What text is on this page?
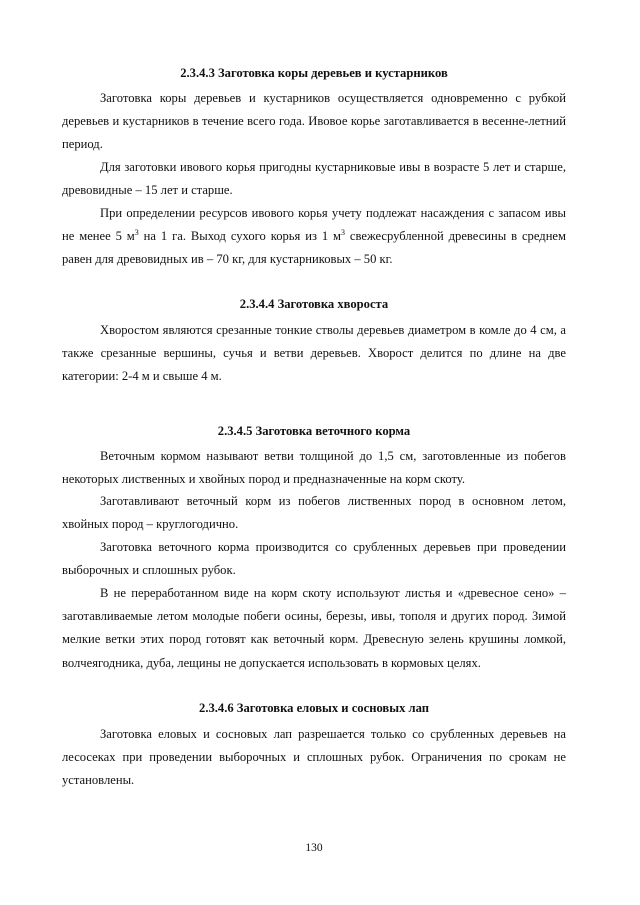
2.3.4.3 Заготовка коры деревьев и кустарников

Заготовка коры деревьев и кустарников осуществляется одновременно с рубкой деревьев и кустарников в течение всего года. Ивовое корье заготавливается в весенне-летний период.

Для заготовки ивового корья пригодны кустарниковые ивы в возрасте 5 лет и старше, древовидные – 15 лет и старше.

При определении ресурсов ивового корья учету подлежат насаждения с запасом ивы не менее 5 $м^3$ на 1 га. Выход сухого корья из 1 $м^3$ свежесрубленной древесины в среднем равен для древовидных ив – 70 кг, для кустарниковых – 50 кг.

2.3.4.4 Заготовка хвороста

Хворостом являются срезанные тонкие стволы деревьев диаметром в комле до 4 см, а также срезанные вершины, сучья и ветви деревьев. Хворост делится по длине на две категории: 2-4 м и свыше 4 м.

2.3.4.5 Заготовка веточного корма

Веточным кормом называют ветви толщиной до 1,5 см, заготовленные из побегов некоторых лиственных и хвойных пород и предназначенные на корм скоту.

Заготавливают веточный корм из побегов лиственных пород в основном летом, хвойных пород – круглогодично.

Заготовка веточного корма производится со срубленных деревьев при проведении выборочных и сплошных рубок.

В не переработанном виде на корм скоту используют листья и «древесное сено» – заготавливаемые летом молодые побеги осины, березы, ивы, тополя и других пород. Зимой мелкие ветки этих пород готовят как веточный корм. Древесную зелень крушины ломкой, волчеягодника, дуба, лещины не допускается использовать в кормовых целях.

2.3.4.6 Заготовка еловых и сосновых лап

Заготовка еловых и сосновых лап разрешается только со срубленных деревьев на лесосеках при проведении выборочных и сплошных рубок. Ограничения по срокам не установлены.

130
